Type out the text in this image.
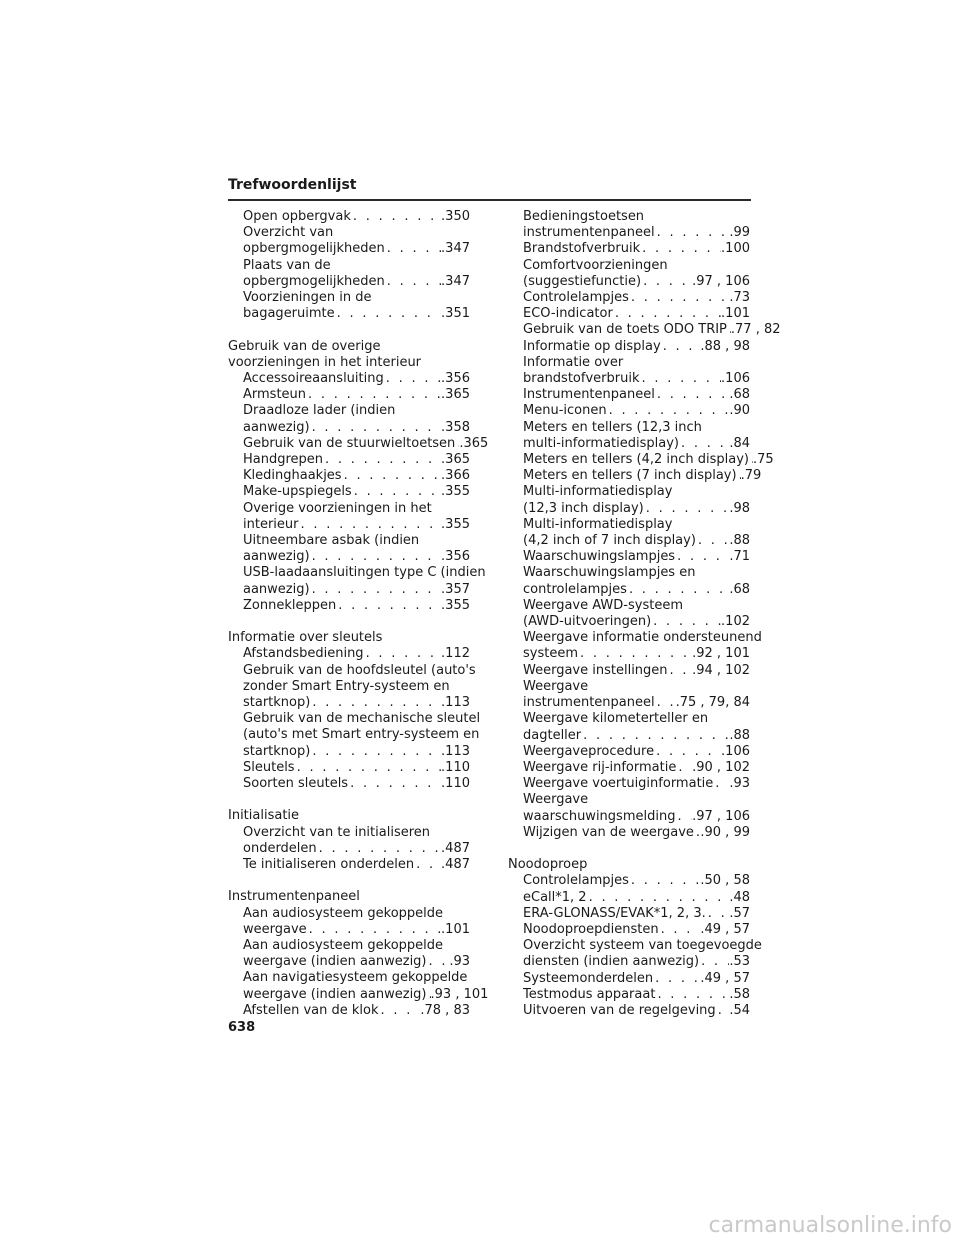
Trefwoordenlijst
Open opbergvak . . .	.350
Overzicht van
opbergmogelijkheden . . .	.347
Plaats van de
opbergmogelijkheden . . .	.347
Voorzieningen in de
bagageruimte . . .	.351
Gebruik van de overige voorzieningen in het interieur
Accessoireaansluiting . . .	.356
Armsteun . . .	.365
Draadloze lader (indien
aanwezig) . . .	.358
Gebruik van de stuurwieltoetsen . . . .365
Handgrepen . . .	.365
Kledinghaakjes . . .	.366
Make-upspiegels . . .	.355
Overige voorzieningen in het
interieur . . .	.355
Uitneembare asbak (indien
aanwezig) . . .	.356
USB-laadaansluitingen type C (indien
aanwezig) . . .	.357
Zonnekleppen . . .	.355
Informatie over sleutels
Afstandsbediening . . .	.112
Gebruik van de hoofdsleutel (auto's
zonder Smart Entry-systeem en
startknop) . . .	.113
Gebruik van de mechanische sleutel
(auto's met Smart entry-systeem en
startknop) . . .	.113
Sleutels . . .	.110
Soorten sleutels . . .	.110
Initialisatie
Overzicht van te initialiseren
onderdelen . . .	.487
Te initialiseren onderdelen . . . .487
Instrumentenpaneel
Aan audiosysteem gekoppelde
weergave . . .	.101
Aan audiosysteem gekoppelde
weergave (indien aanwezig) . . . .93
Aan navigatiesysteem gekoppelde
weergave (indien aanwezig) . . . .93 , 101
Afstellen van de klok . . .	.78 , 83
Bedieningstoetsen
instrumentenpaneel . . .	.99
Brandstofverbruik . . .	.100
Comfortvoorzieningen
(suggestiefunctie) . . .	.97 , 106
Controlelampjes . . .	.73
ECO-indicator . . .	.101
Gebruik van de toets ODO TRIP . . . .77 , 82
Informatie op display . . .	.88 , 98
Informatie over
brandstofverbruik . . .	.106
Instrumentenpaneel . . .	.68
Menu-iconen . . .	.90
Meters en tellers (12,3 inch
multi-informatiedisplay) . . .	.84
Meters en tellers (4,2 inch display) . . . .75
Meters en tellers (7 inch display) . . . .79
Multi-informatiedisplay
(12,3 inch display) . . .	.98
Multi-informatiedisplay
(4,2 inch of 7 inch display) . . .	.88
Waarschuwingslampjes . . .	.71
Waarschuwingslampjes en
controlelampjes . . .	.68
Weergave AWD-systeem
(AWD-uitvoeringen) . . .	.102
Weergave informatie ondersteunend
systeem . . .	.92 , 101
Weergave instellingen . . . .94 , 102
Weergave
instrumentenpaneel . . . .75 , 79, 84
Weergave kilometerteller en
dagteller . . .	.88
Weergaveprocedure . . .	.106
Weergave rij-informatie . . . .90 , 102
Weergave voertuiginformatie . . . .93
Weergave
waarschuwingsmelding . . . .97 , 106
Wijzigen van de weergave . . . .90 , 99
Noodoproep
Controlelampjes . . .	.50 , 58
eCall*1, 2 . . .	.48
ERA-GLONASS/EVAK*1, 2, 3. . . . .57
Noodoproepdiensten . . .	.49 , 57
Overzicht systeem van toegevoegde
diensten (indien aanwezig) . . . .53
Systeemonderdelen . . .	.49 , 57
Testmodus apparaat . . .	.58
Uitvoeren van de regelgeving . . . .54
638
carmanualsonline.info
